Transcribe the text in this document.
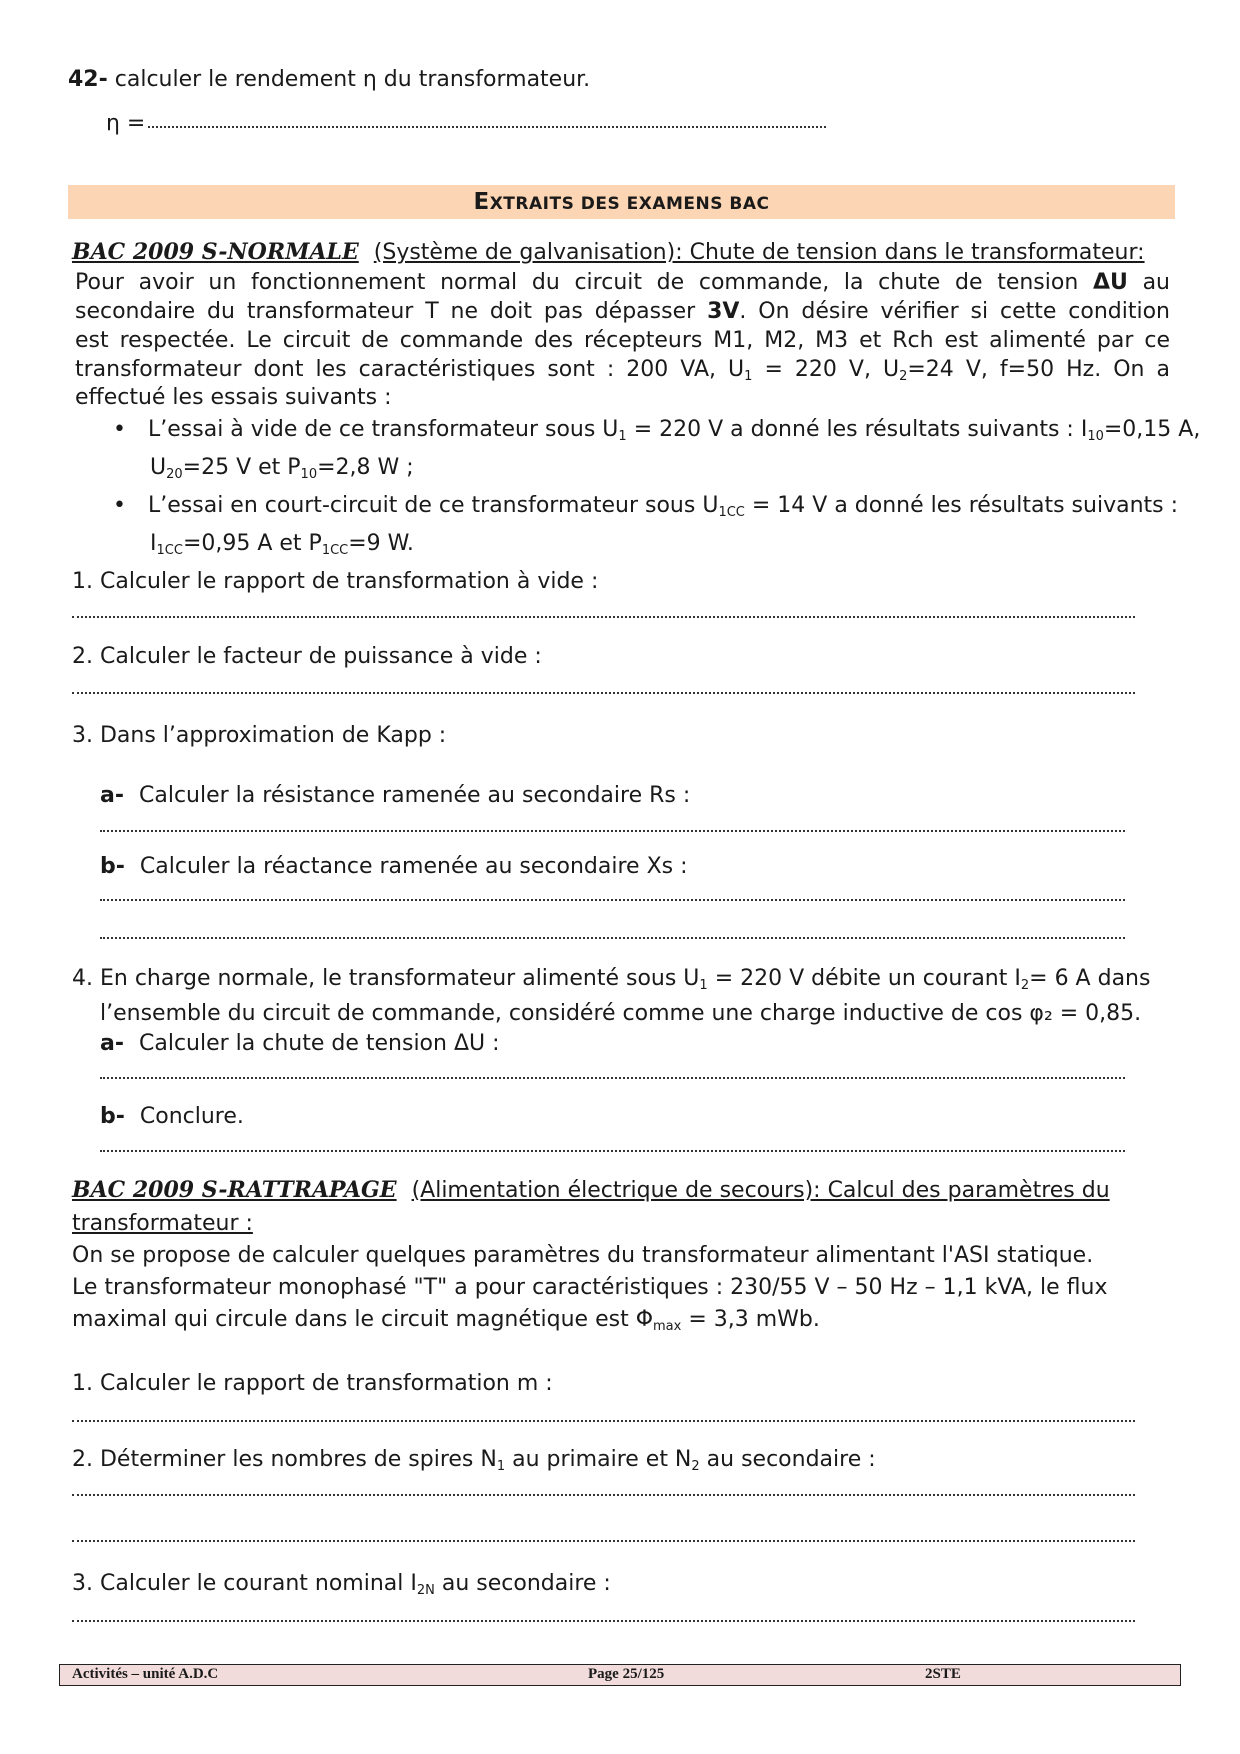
42- calculer le rendement η du transformateur.
η =
EXTRAITS DES EXAMENS BAC
BAC 2009 S-NORMALE (Système de galvanisation): Chute de tension dans le transformateur:
Pour avoir un fonctionnement normal du circuit de commande, la chute de tension ΔU au
secondaire du transformateur T ne doit pas dépasser 3V. On désire vérifier si cette condition
est respectée. Le circuit de commande des récepteurs M1, M2, M3 et Rch est alimenté par ce
transformateur dont les caractéristiques sont : 200 VA, $U_1 = 220$ V, $U_2=24$ V, f=50 Hz. On a
effectué les essais suivants :
• L’essai à vide de ce transformateur sous $U_1 = 220$ V a donné les résultats suivants : $I_{10}=0,15$ A,
$U_{20}=25$ V et $P_{10}=2,8$ W ;
• L’essai en court-circuit de ce transformateur sous $U_{1CC} = 14$ V a donné les résultats suivants :
$I_{1CC}=0,95$ A et $P_{1CC}=9$ W.
1. Calculer le rapport de transformation à vide :
2. Calculer le facteur de puissance à vide :
3. Dans l’approximation de Kapp :
a- Calculer la résistance ramenée au secondaire Rs :
b- Calculer la réactance ramenée au secondaire Xs :
4. En charge normale, le transformateur alimenté sous $U_1 = 220$ V débite un courant $I_2= 6$ A dans
l’ensemble du circuit de commande, considéré comme une charge inductive de cos φ₂ = 0,85.
a- Calculer la chute de tension ΔU :
b- Conclure.
BAC 2009 S-RATTRAPAGE (Alimentation électrique de secours): Calcul des paramètres du
transformateur :
On se propose de calculer quelques paramètres du transformateur alimentant l'ASI statique.
Le transformateur monophasé "T" a pour caractéristiques : 230/55 V – 50 Hz – 1,1 kVA, le flux
maximal qui circule dans le circuit magnétique est $\Phi_{max} = 3,3$ mWb.
1. Calculer le rapport de transformation m :
2. Déterminer les nombres de spires $N_1$ au primaire et $N_2$ au secondaire :
3. Calculer le courant nominal $I_{2N}$ au secondaire :
Activités – unité A.D.C	Page 25/125	2STE
